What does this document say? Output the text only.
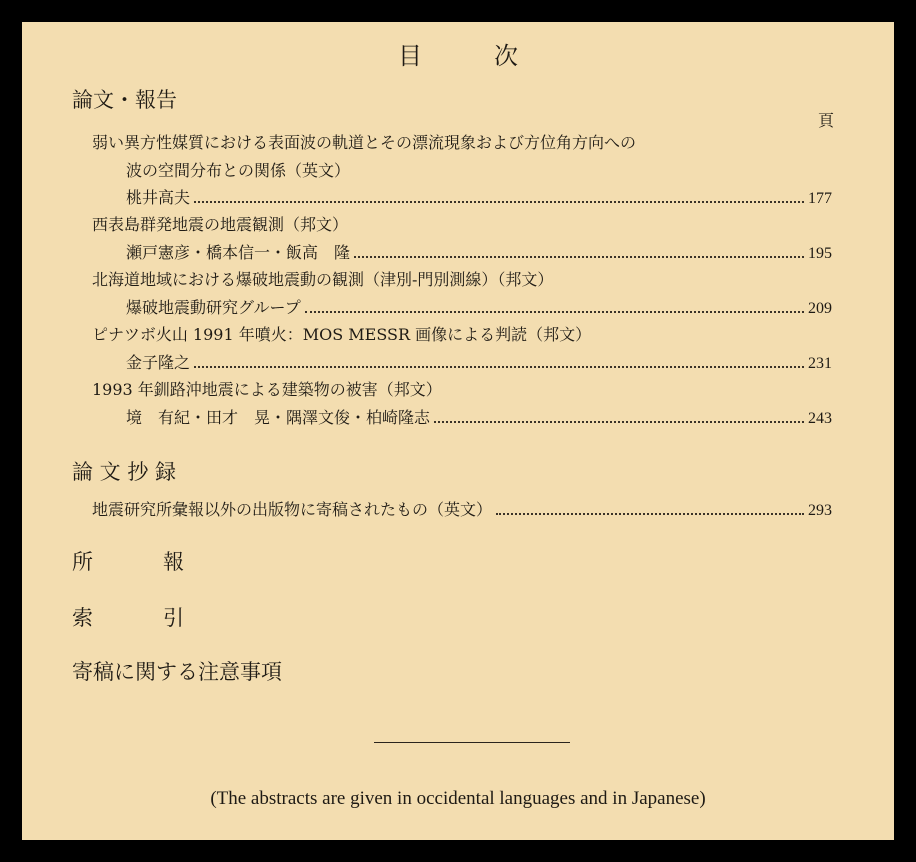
目	次
論文・報告
頁
弱い異方性媒質における表面波の軌道とその漂流現象および方位角方向への
波の空間分布との関係（英文）
桃井高夫	177
西表島群発地震の地震観測（邦文）
瀬戸憲彦・橋本信一・飯高　隆	195
北海道地域における爆破地震動の観測（津別-門別測線）（邦文）
爆破地震動研究グループ	209
ピナツボ火山 1991 年噴火：MOS MESSR 画像による判読（邦文）
金子隆之	231
1993 年釧路沖地震による建築物の被害（邦文）
境　有紀・田才　晃・隅澤文俊・柏崎隆志	243
論 文 抄 録
地震研究所彙報以外の出版物に寄稿されたもの（英文）	293
所	報
索	引
寄稿に関する注意事項
(The abstracts are given in occidental languages and in Japanese)
